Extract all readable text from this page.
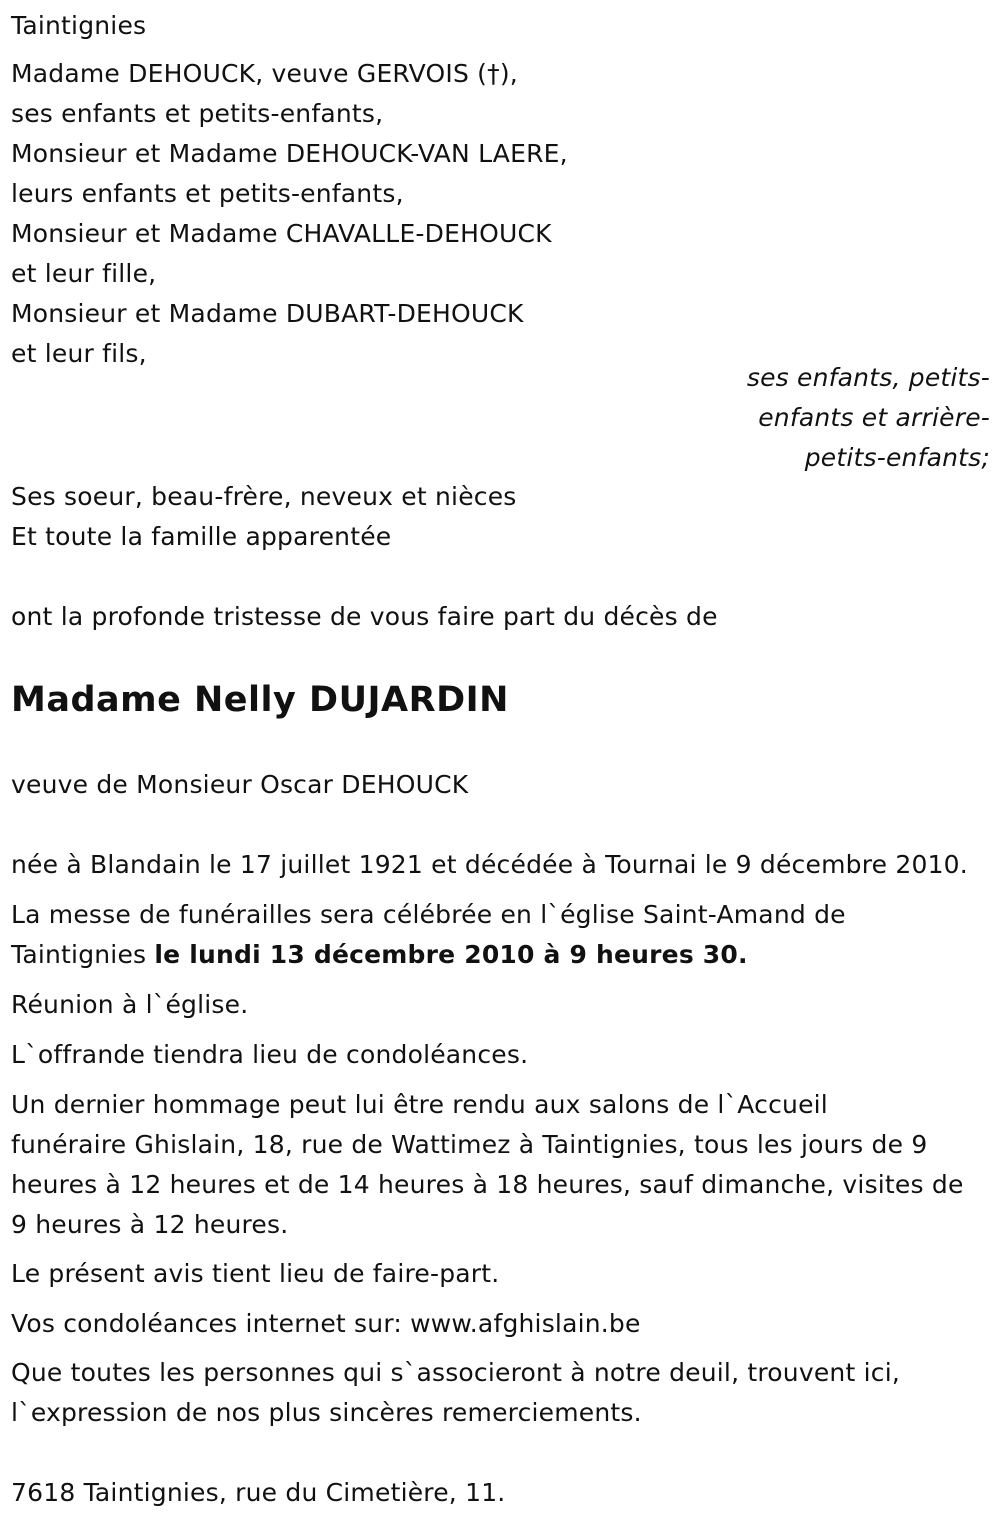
Taintignies
Madame DEHOUCK, veuve GERVOIS (†),
ses enfants et petits-enfants,
Monsieur et Madame DEHOUCK-VAN LAERE,
leurs enfants et petits-enfants,
Monsieur et Madame CHAVALLE-DEHOUCK
et leur fille,
Monsieur et Madame DUBART-DEHOUCK
et leur fils,
ses enfants, petits-
enfants et arrière-
petits-enfants;
Ses soeur, beau-frère, neveux et nièces
Et toute la famille apparentée
ont la profonde tristesse de vous faire part du décès de
Madame Nelly DUJARDIN
veuve de Monsieur Oscar DEHOUCK
née à Blandain le 17 juillet 1921 et décédée à Tournai le 9 décembre 2010.
La messe de funérailles sera célébrée en l`église Saint-Amand de
Taintignies le lundi 13 décembre 2010 à 9 heures 30.
Réunion à l`église.
L`offrande tiendra lieu de condoléances.
Un dernier hommage peut lui être rendu aux salons de l`Accueil
funéraire Ghislain, 18, rue de Wattimez à Taintignies, tous les jours de 9
heures à 12 heures et de 14 heures à 18 heures, sauf dimanche, visites de
9 heures à 12 heures.
Le présent avis tient lieu de faire-part.
Vos condoléances internet sur: www.afghislain.be
Que toutes les personnes qui s`associeront à notre deuil, trouvent ici,
l`expression de nos plus sincères remerciements.
7618 Taintignies, rue du Cimetière, 11.
